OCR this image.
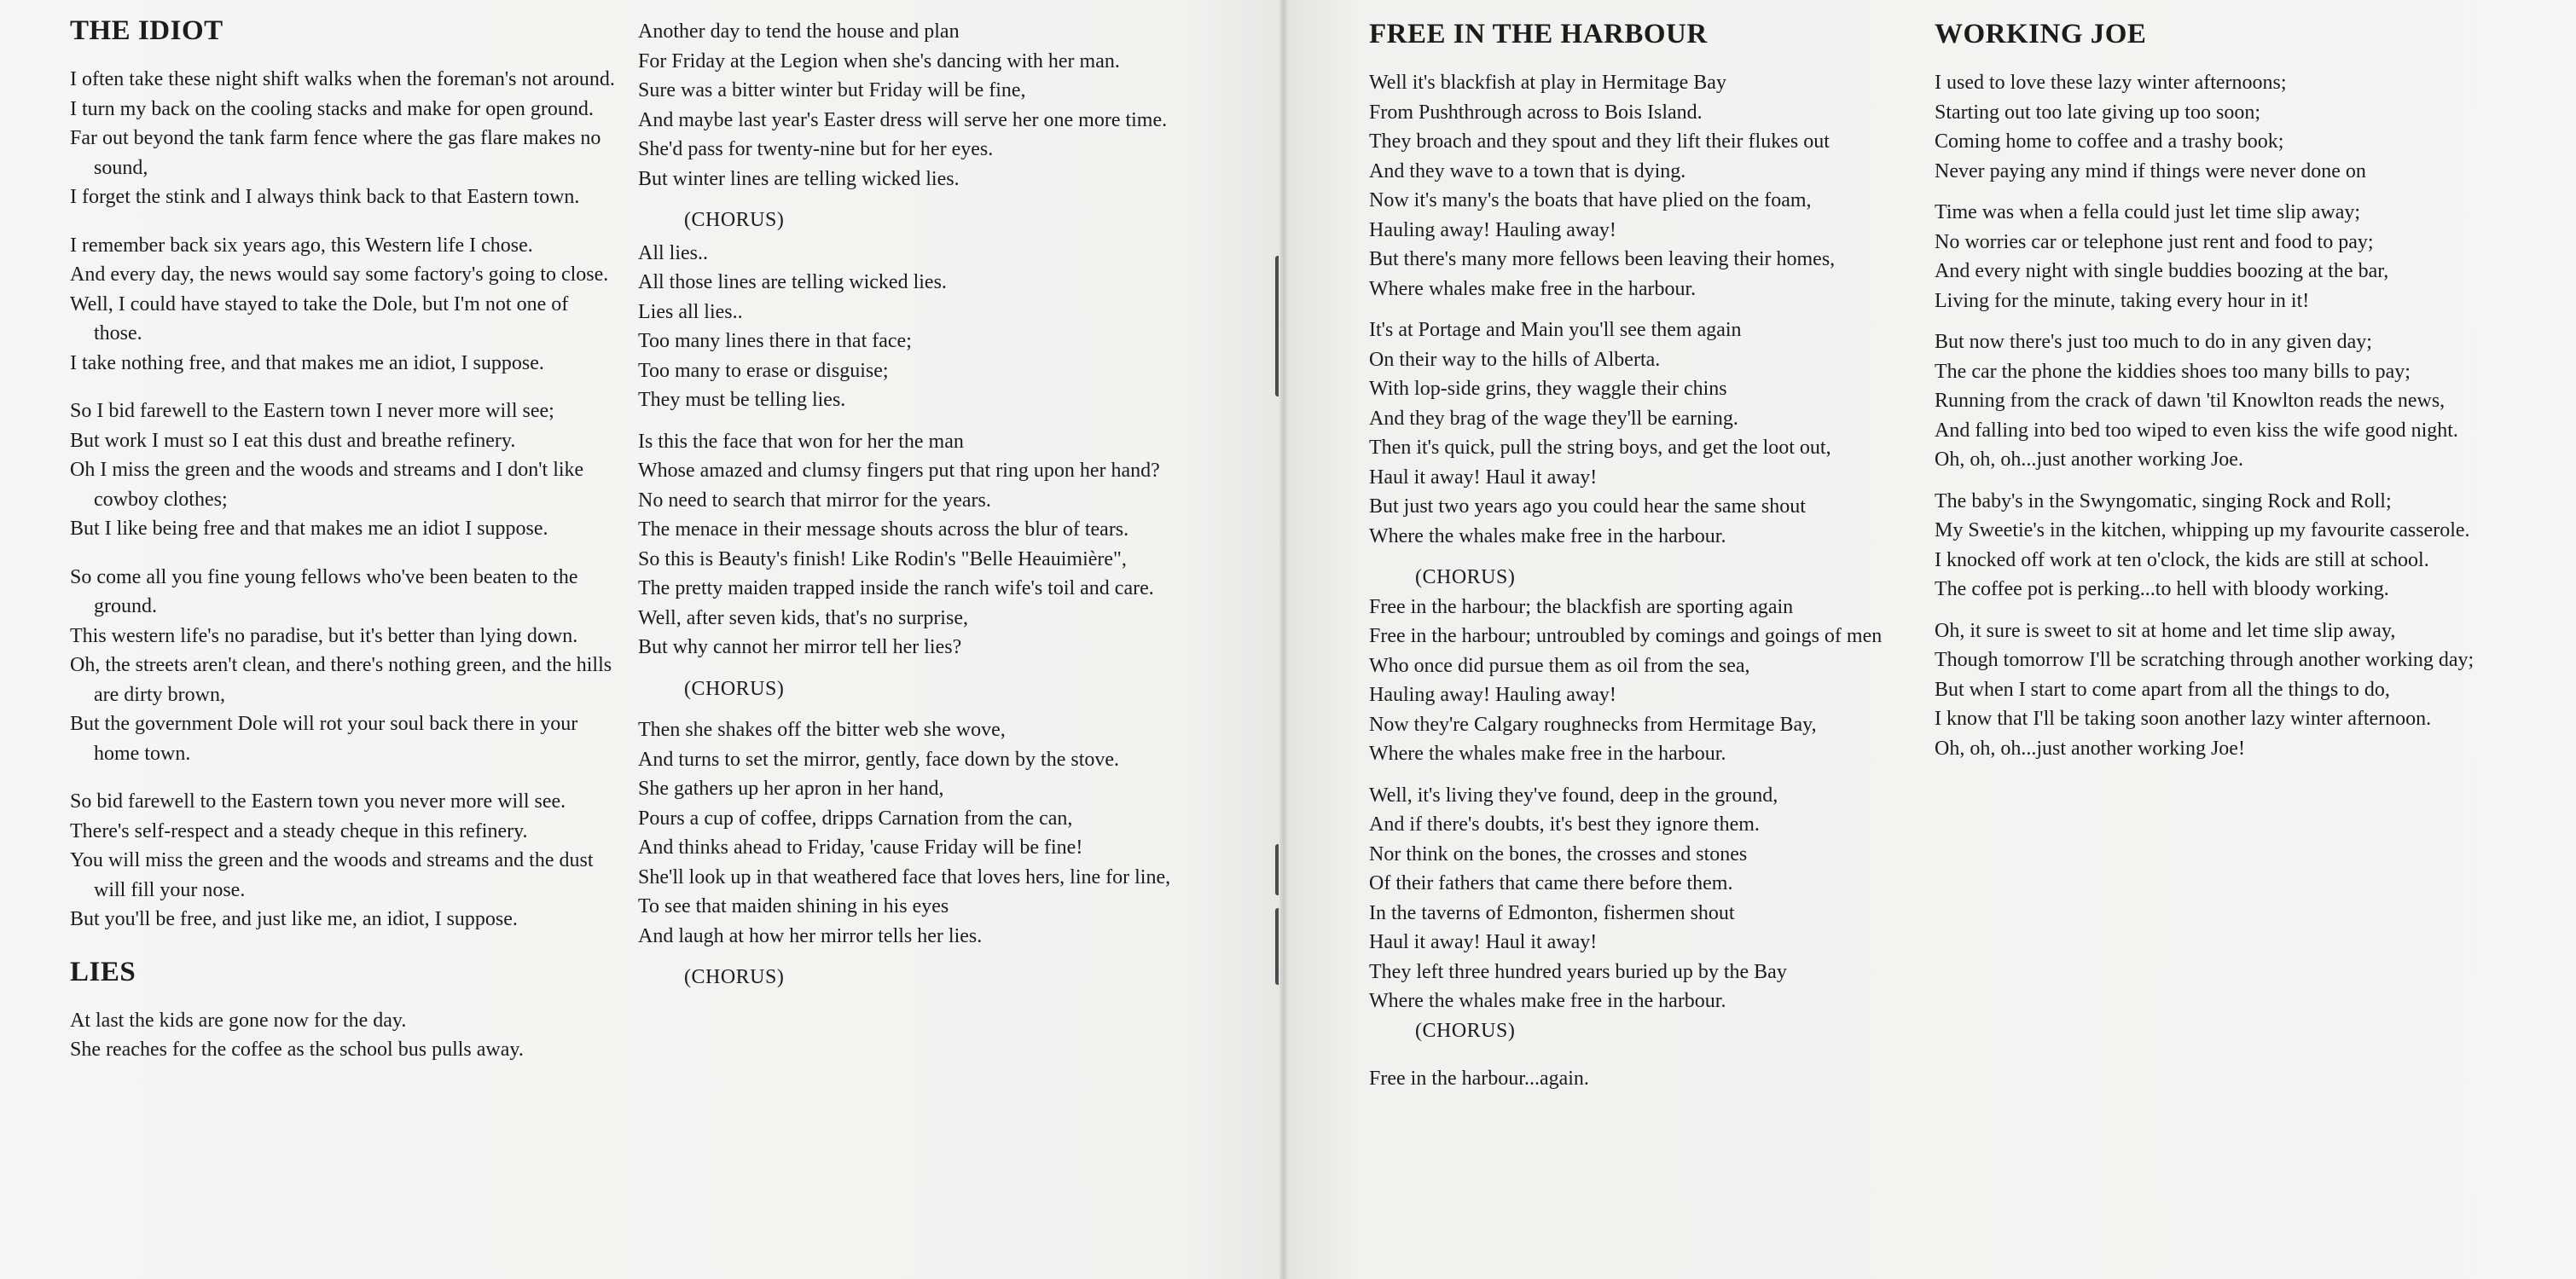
THE IDIOT
I often take these night shift walks when the foreman's not around.
I turn my back on the cooling stacks and make for open ground.
Far out beyond the tank farm fence where the gas flare makes no sound,
I forget the stink and I always think back to that Eastern town.
I remember back six years ago, this Western life I chose.
And every day, the news would say some factory's going to close.
Well, I could have stayed to take the Dole, but I'm not one of those.
I take nothing free, and that makes me an idiot, I suppose.
So I bid farewell to the Eastern town I never more will see;
But work I must so I eat this dust and breathe refinery.
Oh I miss the green and the woods and streams and I don't like cowboy clothes;
But I like being free and that makes me an idiot I suppose.
So come all you fine young fellows who've been beaten to the ground.
This western life's no paradise, but it's better than lying down.
Oh, the streets aren't clean, and there's nothing green, and the hills are dirty brown,
But the government Dole will rot your soul back there in your home town.
So bid farewell to the Eastern town you never more will see.
There's self-respect and a steady cheque in this refinery.
You will miss the green and the woods and streams and the dust will fill your nose.
But you'll be free, and just like me, an idiot, I suppose.
LIES
At last the kids are gone now for the day.
She reaches for the coffee as the school bus pulls away.
Another day to tend the house and plan
For Friday at the Legion when she's dancing with her man.
Sure was a bitter winter but Friday will be fine,
And maybe last year's Easter dress will serve her one more time.
She'd pass for twenty-nine but for her eyes.
But winter lines are telling wicked lies.
(CHORUS)
All lies..
All those lines are telling wicked lies.
Lies all lies..
Too many lines there in that face;
Too many to erase or disguise;
They must be telling lies.
Is this the face that won for her the man
Whose amazed and clumsy fingers put that ring upon her hand?
No need to search that mirror for the years.
The menace in their message shouts across the blur of tears.
So this is Beauty's finish! Like Rodin's "Belle Heauimière",
The pretty maiden trapped inside the ranch wife's toil and care.
Well, after seven kids, that's no surprise,
But why cannot her mirror tell her lies?
(CHORUS)
Then she shakes off the bitter web she wove,
And turns to set the mirror, gently, face down by the stove.
She gathers up her apron in her hand,
Pours a cup of coffee, dripps Carnation from the can,
And thinks ahead to Friday, 'cause Friday will be fine!
She'll look up in that weathered face that loves hers, line for line,
To see that maiden shining in his eyes
And laugh at how her mirror tells her lies.
(CHORUS)
FREE IN THE HARBOUR
Well it's blackfish at play in Hermitage Bay
From Pushthrough across to Bois Island.
They broach and they spout and they lift their flukes out
And they wave to a town that is dying.
Now it's many's the boats that have plied on the foam,
Hauling away! Hauling away!
But there's many more fellows been leaving their homes,
Where whales make free in the harbour.
It's at Portage and Main you'll see them again
On their way to the hills of Alberta.
With lop-side grins, they waggle their chins
And they brag of the wage they'll be earning.
Then it's quick, pull the string boys, and get the loot out,
Haul it away! Haul it away!
But just two years ago you could hear the same shout
Where the whales make free in the harbour.
(CHORUS)
Free in the harbour; the blackfish are sporting again
Free in the harbour; untroubled by comings and goings of men
Who once did pursue them as oil from the sea,
Hauling away! Hauling away!
Now they're Calgary roughnecks from Hermitage Bay,
Where the whales make free in the harbour.
Well, it's living they've found, deep in the ground,
And if there's doubts, it's best they ignore them.
Nor think on the bones, the crosses and stones
Of their fathers that came there before them.
In the taverns of Edmonton, fishermen shout
Haul it away! Haul it away!
They left three hundred years buried up by the Bay
Where the whales make free in the harbour.
(CHORUS)
Free in the harbour...again.
WORKING JOE
I used to love these lazy winter afternoons;
Starting out too late giving up too soon;
Coming home to coffee and a trashy book;
Never paying any mind if things were never done on
Time was when a fella could just let time slip away;
No worries car or telephone just rent and food to pay;
And every night with single buddies boozing at the bar,
Living for the minute, taking every hour in it!
But now there's just too much to do in any given day;
The car the phone the kiddies shoes too many bills to pay;
Running from the crack of dawn 'til Knowlton reads the news,
And falling into bed too wiped to even kiss the wife good night.
Oh, oh, oh...just another working Joe.
The baby's in the Swyngomatic, singing Rock and Roll;
My Sweetie's in the kitchen, whipping up my favourite casserole.
I knocked off work at ten o'clock, the kids are still at school.
The coffee pot is perking...to hell with bloody working.
Oh, it sure is sweet to sit at home and let time slip away,
Though tomorrow I'll be scratching through another working day;
But when I start to come apart from all the things to do,
I know that I'll be taking soon another lazy winter afternoon.
Oh, oh, oh...just another working Joe!
